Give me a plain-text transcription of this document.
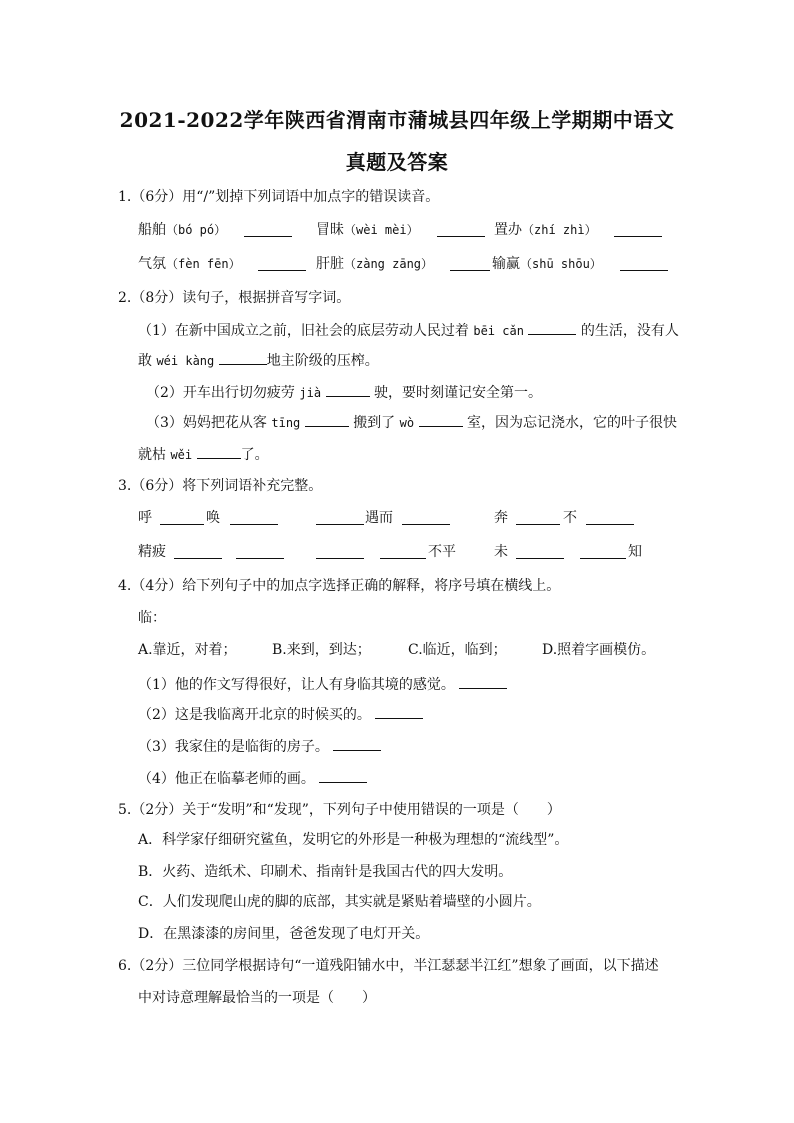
2021-2022学年陕西省渭南市蒲城县四年级上学期期中语文
真题及答案
1.（6分）用“/”划掉下列词语中加点字的错误读音。
船舶（bó pó）	冒昧（wèi mèi）	置办（zhí zhì）
气氛（fèn fēn）	肝脏（zàng zāng）	输赢（shū shōu）
2.（8分）读句子，根据拼音写字词。
（1）在新中国成立之前，旧社会的底层劳动人民过着 bēi cǎn	的生活，没有人
敢 wéi kàng	地主阶级的压榨。
（2）开车出行切勿疲劳 jià	驶，要时刻谨记安全第一。
（3）妈妈把花从客 tīng	搬到了 wò	室，因为忘记浇水，它的叶子很快
就枯 wěi	了。
3.（6分）将下列词语补充完整。
呼	唤	遇而	奔	不
精疲	不平	未	知
4.（4分）给下列句子中的加点字选择正确的解释，将序号填在横线上。
临：
A.靠近，对着；	B.来到，到达；	C.临近，临到；	D.照着字画模仿。
（1）他的作文写得很好，让人有身临其境的感觉。
（2）这是我临离开北京的时候买的。
（3）我家住的是临街的房子。
（4）他正在临摹老师的画。
5.（2分）关于“发明”和“发现”，下列句子中使用错误的一项是（　　）
A．科学家仔细研究鲨鱼，发明它的外形是一种极为理想的“流线型”。
B．火药、造纸术、印刷术、指南针是我国古代的四大发明。
C．人们发现爬山虎的脚的底部，其实就是紧贴着墙壁的小圆片。
D．在黑漆漆的房间里，爸爸发现了电灯开关。
6.（2分）三位同学根据诗句“一道残阳铺水中，半江瑟瑟半江红”想象了画面，以下描述
中对诗意理解最恰当的一项是（　　）
